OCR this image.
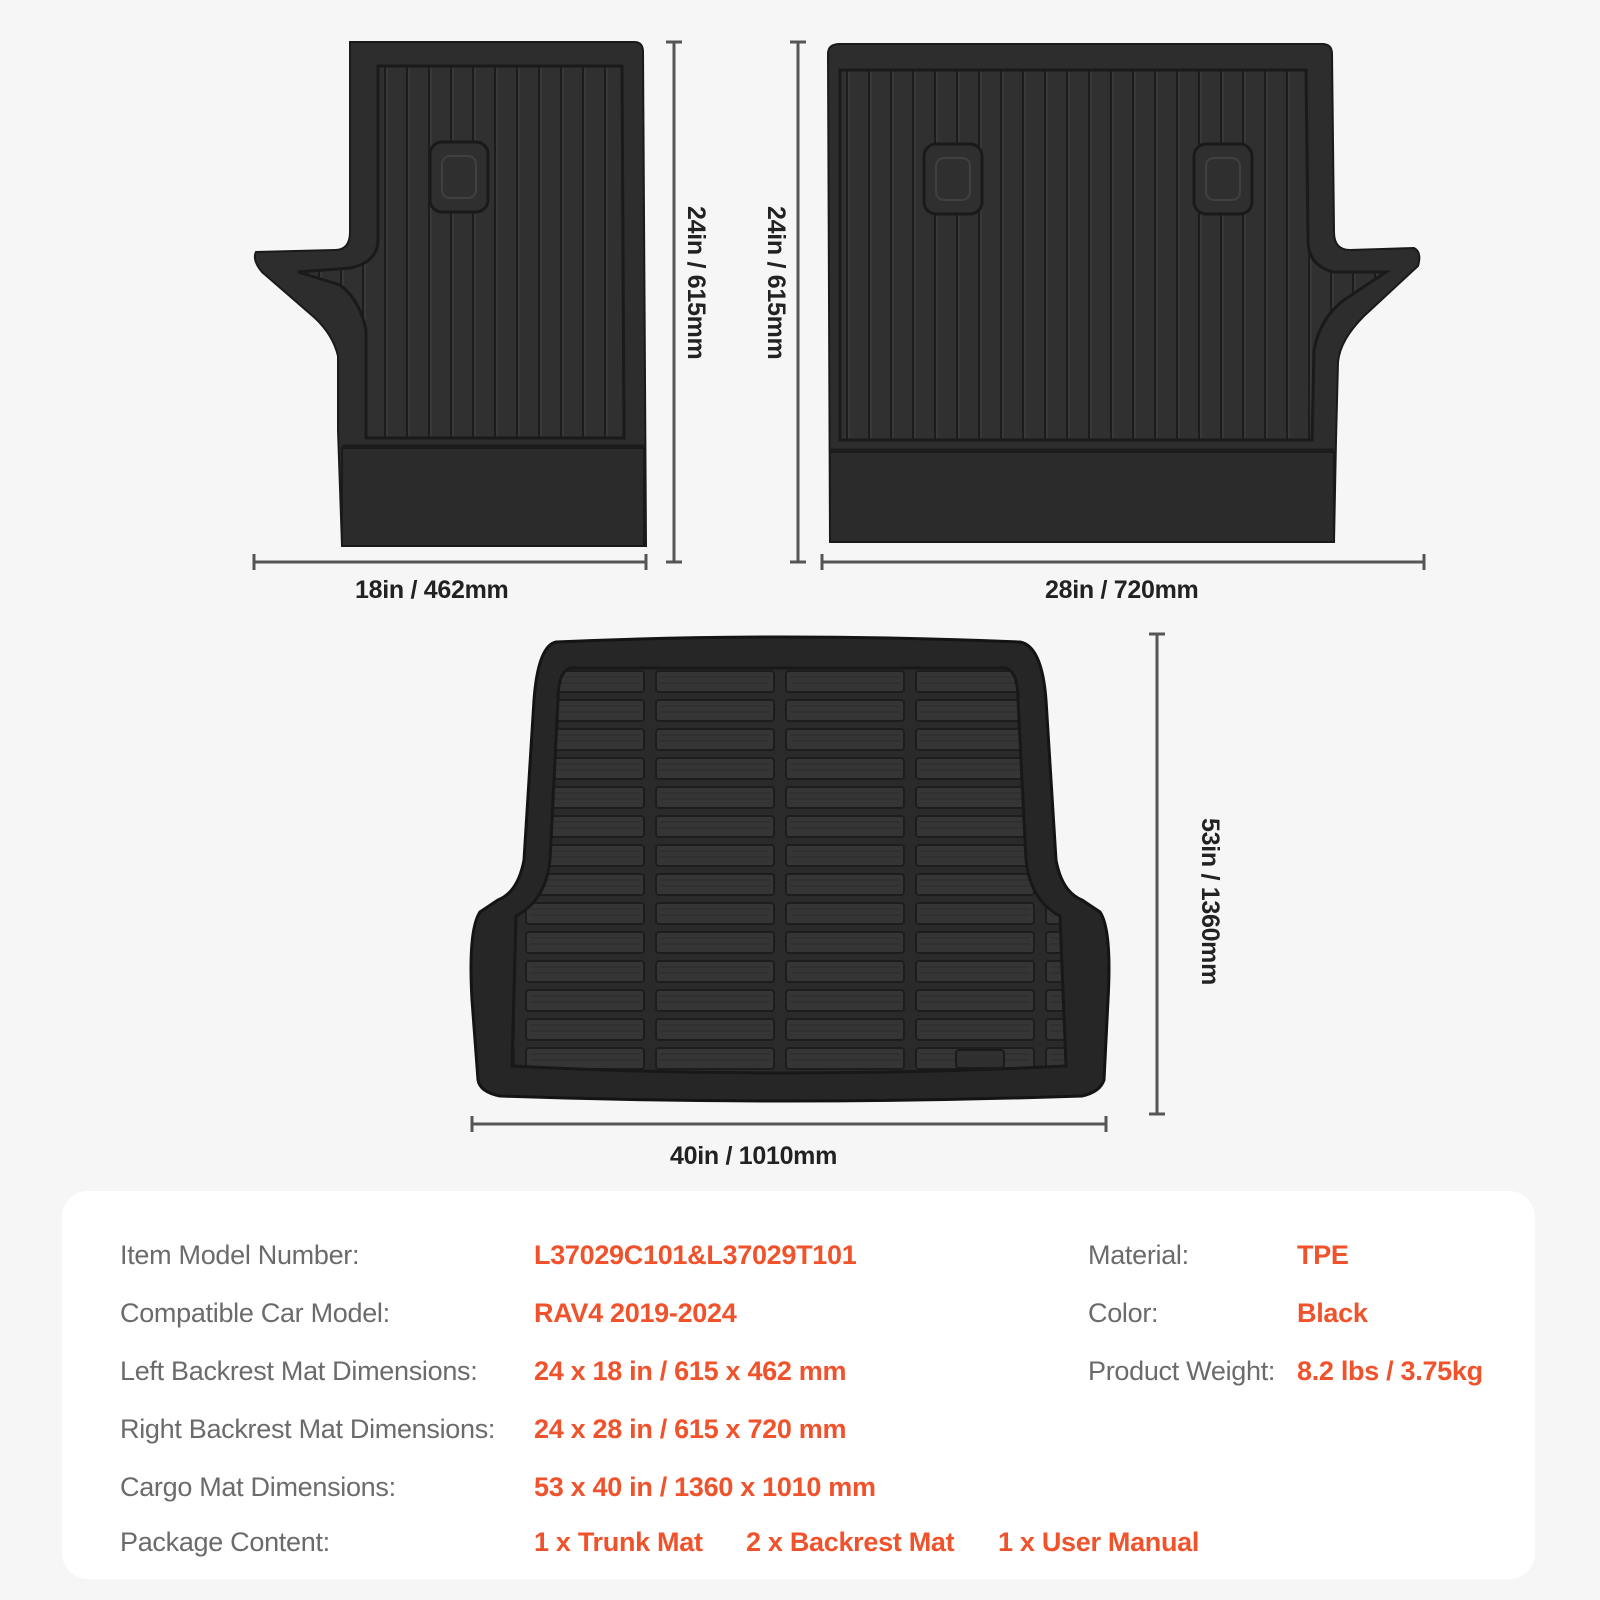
24in / 615mm 24in / 615mm
18in / 462mm	28in / 720mm
53in / 1360mm
40in / 1010mm
Item Model Number:	L37029C101&L37029T101
Compatible Car Model:	RAV4 2019-2024
Left Backrest Mat Dimensions: 24 x 18 in / 615 x 462 mm
Right Backrest Mat Dimensions: 24 x 28 in / 615 x 720 mm
Cargo Mat Dimensions:	53 x 40 in / 1360 x 1010 mm
Package Content:	1 x Trunk Mat 2 x Backrest Mat 1 x User Manual
Material:	TPE
Color:	Black
Product Weight: 8.2 lbs / 3.75kg
